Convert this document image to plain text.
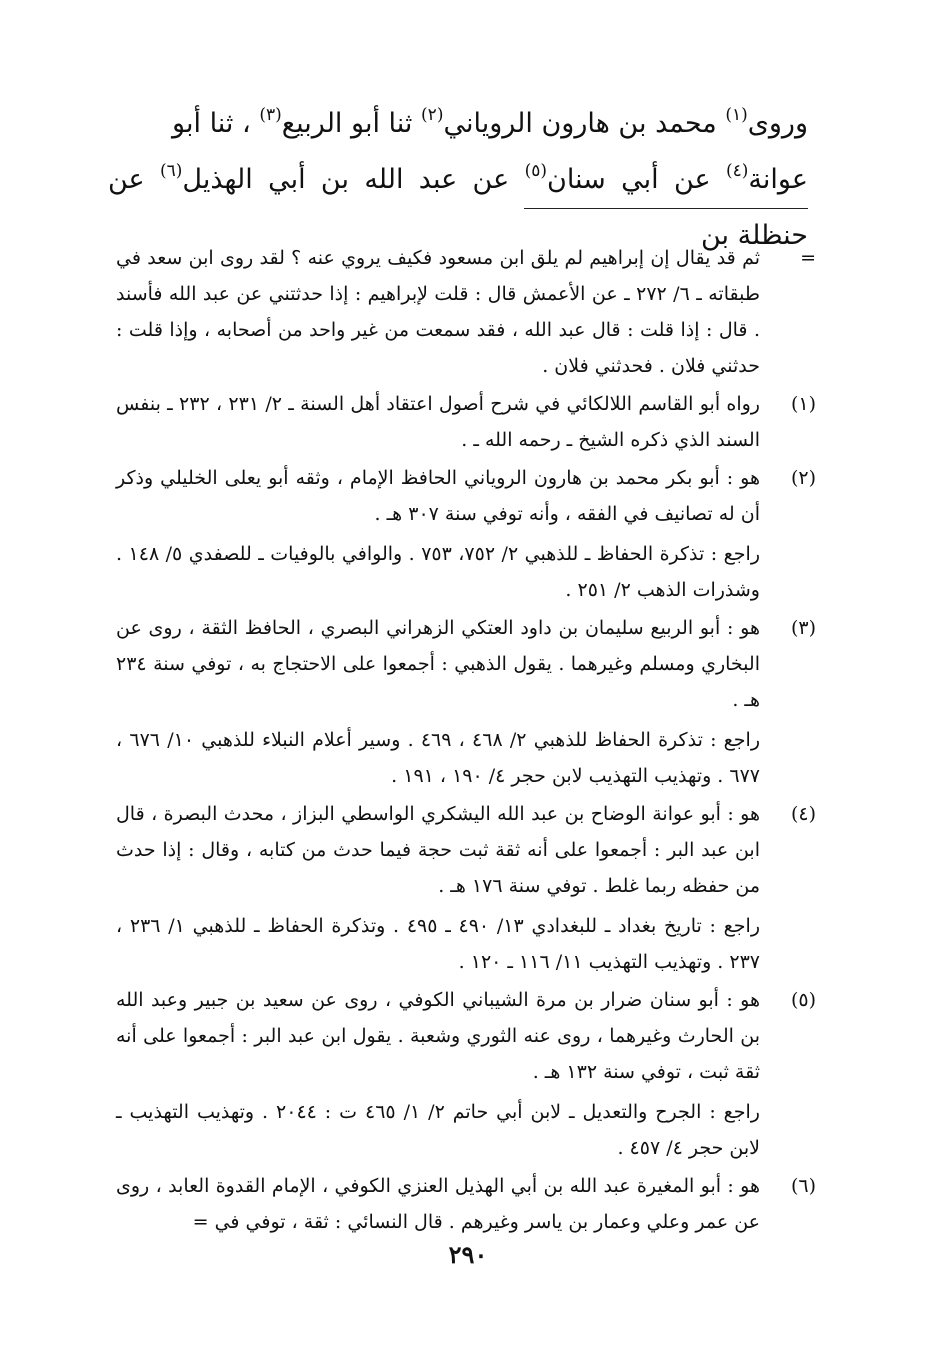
وروى$^{(١)}$ محمد بن هارون الروياني$^{(٢)}$ ثنا أبو الربيع$^{(٣)}$ ، ثنا أبو
عوانة$^{(٤)}$ عن أبي سنان$^{(٥)}$ عن عبد الله بن أبي الهذيل$^{(٦)}$ عن حنظلة بن
=

ثم قد يقال إن إبراهيم لم يلق ابن مسعود فكيف يروي عنه ؟ لقد روى ابن سعد في طبقاته ـ ٦/ ٢٧٢ ـ عن الأعمش قال : قلت لإبراهيم : إذا حدثتني عن عبد الله فأسند . قال : إذا قلت : قال عبد الله ، فقد سمعت من غير واحد من أصحابه ، وإذا قلت : حدثني فلان . فحدثني فلان .

(١)

رواه أبو القاسم اللالكائي في شرح أصول اعتقاد أهل السنة ـ ٢/ ٢٣١ ، ٢٣٢ ـ بنفس السند الذي ذكره الشيخ ـ رحمه الله ـ .

(٢)

هو : أبو بكر محمد بن هارون الروياني الحافظ الإمام ، وثقه أبو يعلى الخليلي وذكر أن له تصانيف في الفقه ، وأنه توفي سنة ٣٠٧ هـ .

راجع : تذكرة الحفاظ ـ للذهبي ٢/ ٧٥٢، ٧٥٣ . والوافي بالوفيات ـ للصفدي ٥/ ١٤٨ . وشذرات الذهب ٢/ ٢٥١ .

(٣)

هو : أبو الربيع سليمان بن داود العتكي الزهراني البصري ، الحافظ الثقة ، روى عن البخاري ومسلم وغيرهما . يقول الذهبي : أجمعوا على الاحتجاج به ، توفي سنة ٢٣٤ هـ .

راجع : تذكرة الحفاظ للذهبي ٢/ ٤٦٨ ، ٤٦٩ . وسير أعلام النبلاء للذهبي ١٠/ ٦٧٦ ، ٦٧٧ . وتهذيب التهذيب لابن حجر ٤/ ١٩٠ ، ١٩١ .

(٤)

هو : أبو عوانة الوضاح بن عبد الله اليشكري الواسطي البزاز ، محدث البصرة ، قال ابن عبد البر : أجمعوا على أنه ثقة ثبت حجة فيما حدث من كتابه ، وقال : إذا حدث من حفظه ربما غلط . توفي سنة ١٧٦ هـ .

راجع : تاريخ بغداد ـ للبغدادي ١٣/ ٤٩٠ ـ ٤٩٥ . وتذكرة الحفاظ ـ للذهبي ١/ ٢٣٦ ، ٢٣٧ . وتهذيب التهذيب ١١/ ١١٦ ـ ١٢٠ .

(٥)

هو : أبو سنان ضرار بن مرة الشيباني الكوفي ، روى عن سعيد بن جبير وعبد الله بن الحارث وغيرهما ، روى عنه الثوري وشعبة . يقول ابن عبد البر : أجمعوا على أنه ثقة ثبت ، توفي سنة ١٣٢ هـ .

راجع : الجرح والتعديل ـ لابن أبي حاتم ٢/ ١/ ٤٦٥ ت : ٢٠٤٤ . وتهذيب التهذيب ـ لابن حجر ٤/ ٤٥٧ .

(٦)

هو : أبو المغيرة عبد الله بن أبي الهذيل العنزي الكوفي ، الإمام القدوة العابد ، روى عن عمر وعلي وعمار بن ياسر وغيرهم . قال النسائي : ثقة ، توفي في =

٢٩٠
